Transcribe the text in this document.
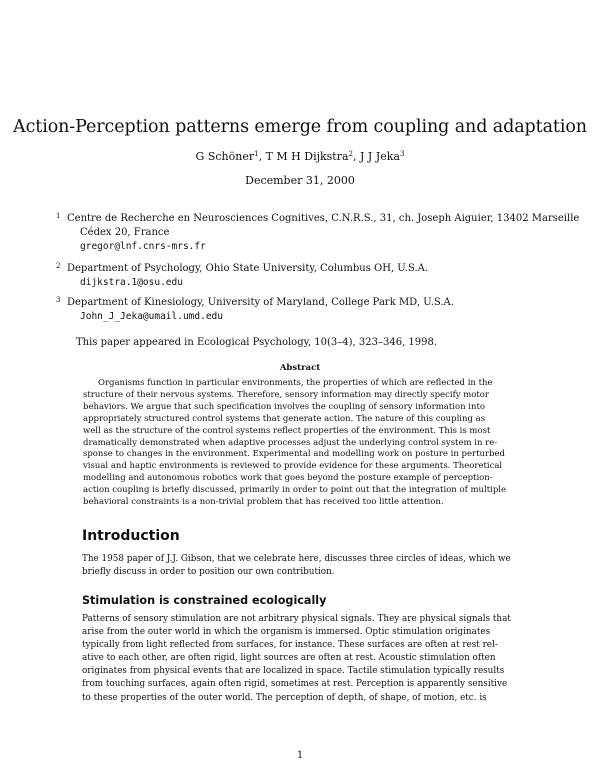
Action-Perception patterns emerge from coupling and adaptation
G Schöner$^1$, T M H Dijkstra$^2$, J J Jeka$^3$
December 31, 2000
1 Centre de Recherche en Neurosciences Cognitives, C.N.R.S., 31, ch. Joseph Aiguier, 13402 Marseille
Cédex 20, France
gregor@lnf.cnrs-mrs.fr
2 Department of Psychology, Ohio State University, Columbus OH, U.S.A.
dijkstra.1@osu.edu
3 Department of Kinesiology, University of Maryland, College Park MD, U.S.A.
John_J_Jeka@umail.umd.edu
This paper appeared in Ecological Psychology, 10(3–4), 323–346, 1998.
Abstract
Organisms function in particular environments, the properties of which are reflected in the
structure of their nervous systems. Therefore, sensory information may directly specify motor
behaviors. We argue that such specification involves the coupling of sensory information into
appropriately structured control systems that generate action. The nature of this coupling as
well as the structure of the control systems reflect properties of the environment. This is most
dramatically demonstrated when adaptive processes adjust the underlying control system in re-
sponse to changes in the environment. Experimental and modelling work on posture in perturbed
visual and haptic environments is reviewed to provide evidence for these arguments. Theoretical
modelling and autonomous robotics work that goes beyond the posture example of perception-
action coupling is briefly discussed, primarily in order to point out that the integration of multiple
behavioral constraints is a non-trivial problem that has received too little attention.
Introduction
The 1958 paper of J.J. Gibson, that we celebrate here, discusses three circles of ideas, which we
briefly discuss in order to position our own contribution.
Stimulation is constrained ecologically
Patterns of sensory stimulation are not arbitrary physical signals. They are physical signals that
arise from the outer world in which the organism is immersed. Optic stimulation originates
typically from light reflected from surfaces, for instance. These surfaces are often at rest rel-
ative to each other, are often rigid, light sources are often at rest. Acoustic stimulation often
originates from physical events that are localized in space. Tactile stimulation typically results
from touching surfaces, again often rigid, sometimes at rest. Perception is apparently sensitive
to these properties of the outer world. The perception of depth, of shape, of motion, etc. is
1
